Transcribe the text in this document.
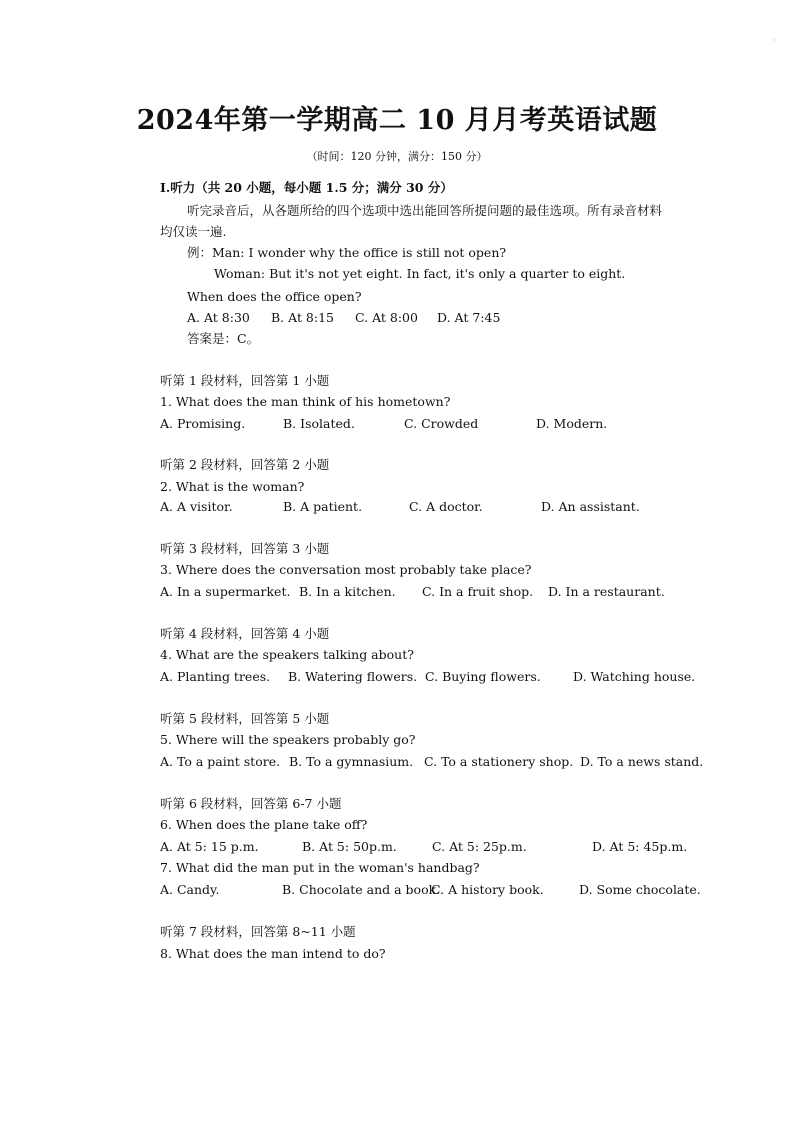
·
2024年第一学期高二 10 月月考英语试题
（时间：120 分钟，满分：150 分）
I.听力（共 20 小题，每小题 1.5 分；满分 30 分）
听完录音后，从各题所给的四个选项中选出能回答所提问题的最佳选项。所有录音材料
均仅读一遍.
例：Man: I wonder why the office is still not open?
Woman: But it's not yet eight. In fact, it's only a quarter to eight.
When does the office open?
A. At 8:30 B. At 8:15 C. At 8:00 D. At 7:45
答案是：C。
听第 1 段材料，回答第 1 小题
1. What does the man think of his hometown?
A. Promising.	B. Isolated.	C. Crowded	D. Modern.
听第 2 段材料，回答第 2 小题
2. What is the woman?
A. A visitor.	B. A patient.	C. A doctor.	D. An assistant.
听第 3 段材料，回答第 3 小题
3. Where does the conversation most probably take place?
A. In a supermarket. B. In a kitchen. C. In a fruit shop. D. In a restaurant.
听第 4 段材料，回答第 4 小题
4. What are the speakers talking about?
A. Planting trees. B. Watering flowers. C. Buying flowers.	D. Watching house.
听第 5 段材料，回答第 5 小题
5. Where will the speakers probably go?
A. To a paint store. B. To a gymnasium. C. To a stationery shop. D. To a news stand.
听第 6 段材料，回答第 6-7 小题
6. When does the plane take off?
A. At 5: 15 p.m.	B. At 5: 50p.m.	C. At 5: 25p.m.	D. At 5: 45p.m.
7. What did the man put in the woman's handbag?
A. Candy.	B. Chocolate and a book.
C. A history book.	D. Some chocolate.
听第 7 段材料，回答第 8~11 小题
8. What does the man intend to do?
